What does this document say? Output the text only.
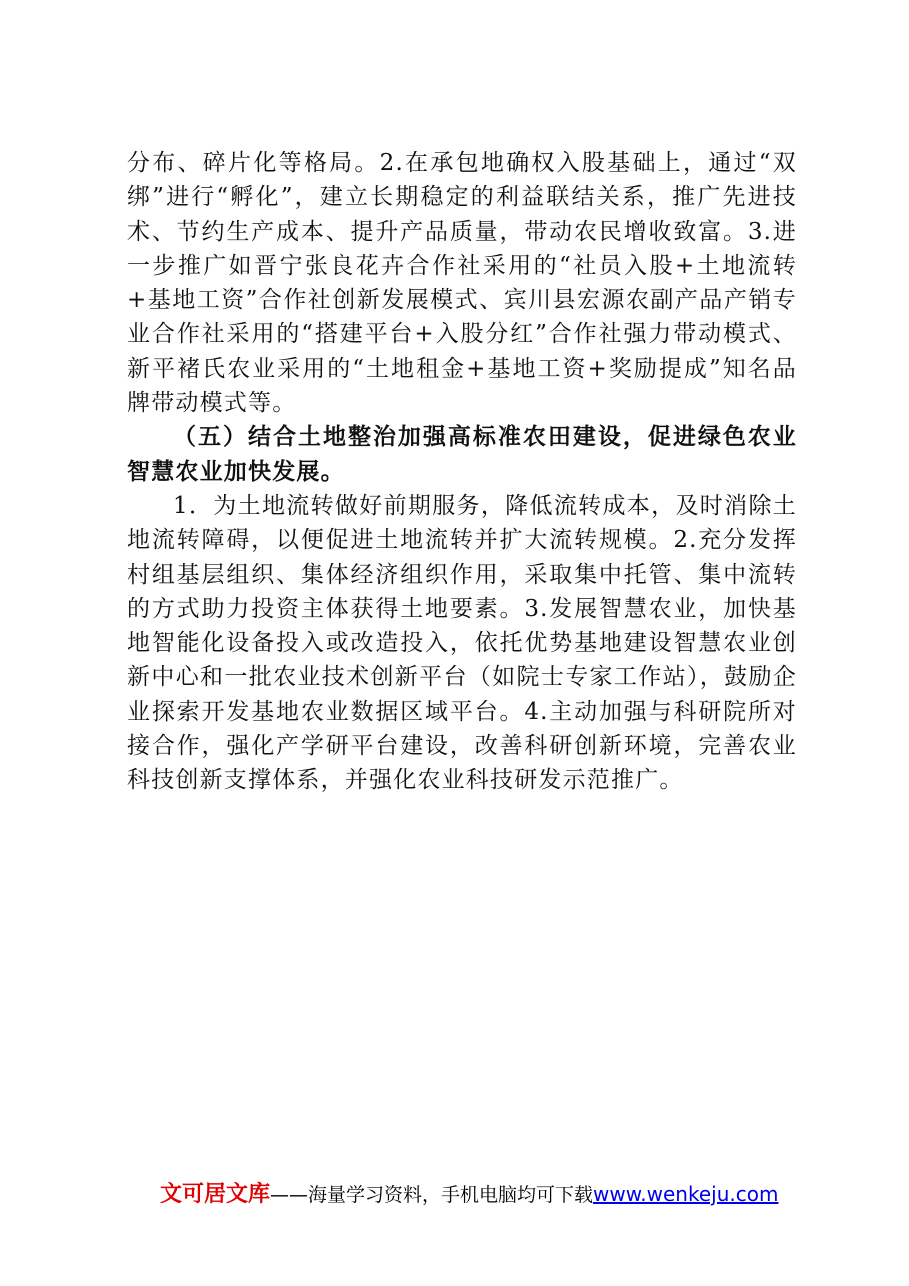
分布、碎片化等格局。2.在承包地确权入股基础上，通过“双绑”进行“孵化”，建立长期稳定的利益联结关系，推广先进技术、节约生产成本、提升产品质量，带动农民增收致富。3.进一步推广如晋宁张良花卉合作社采用的“社员入股+土地流转+基地工资”合作社创新发展模式、宾川县宏源农副产品产销专业合作社采用的“搭建平台+入股分红”合作社强力带动模式、新平褚氏农业采用的“土地租金+基地工资+奖励提成”知名品牌带动模式等。

（五）结合土地整治加强高标准农田建设，促进绿色农业智慧农业加快发展。

1．为土地流转做好前期服务，降低流转成本，及时消除土地流转障碍，以便促进土地流转并扩大流转规模。2.充分发挥村组基层组织、集体经济组织作用，采取集中托管、集中流转的方式助力投资主体获得土地要素。3.发展智慧农业，加快基地智能化设备投入或改造投入，依托优势基地建设智慧农业创新中心和一批农业技术创新平台（如院士专家工作站），鼓励企业探索开发基地农业数据区域平台。4.主动加强与科研院所对接合作，强化产学研平台建设，改善科研创新环境，完善农业科技创新支撑体系，并强化农业科技研发示范推广。

文可居文库——海量学习资料，手机电脑均可下载www.wenkeju.com
